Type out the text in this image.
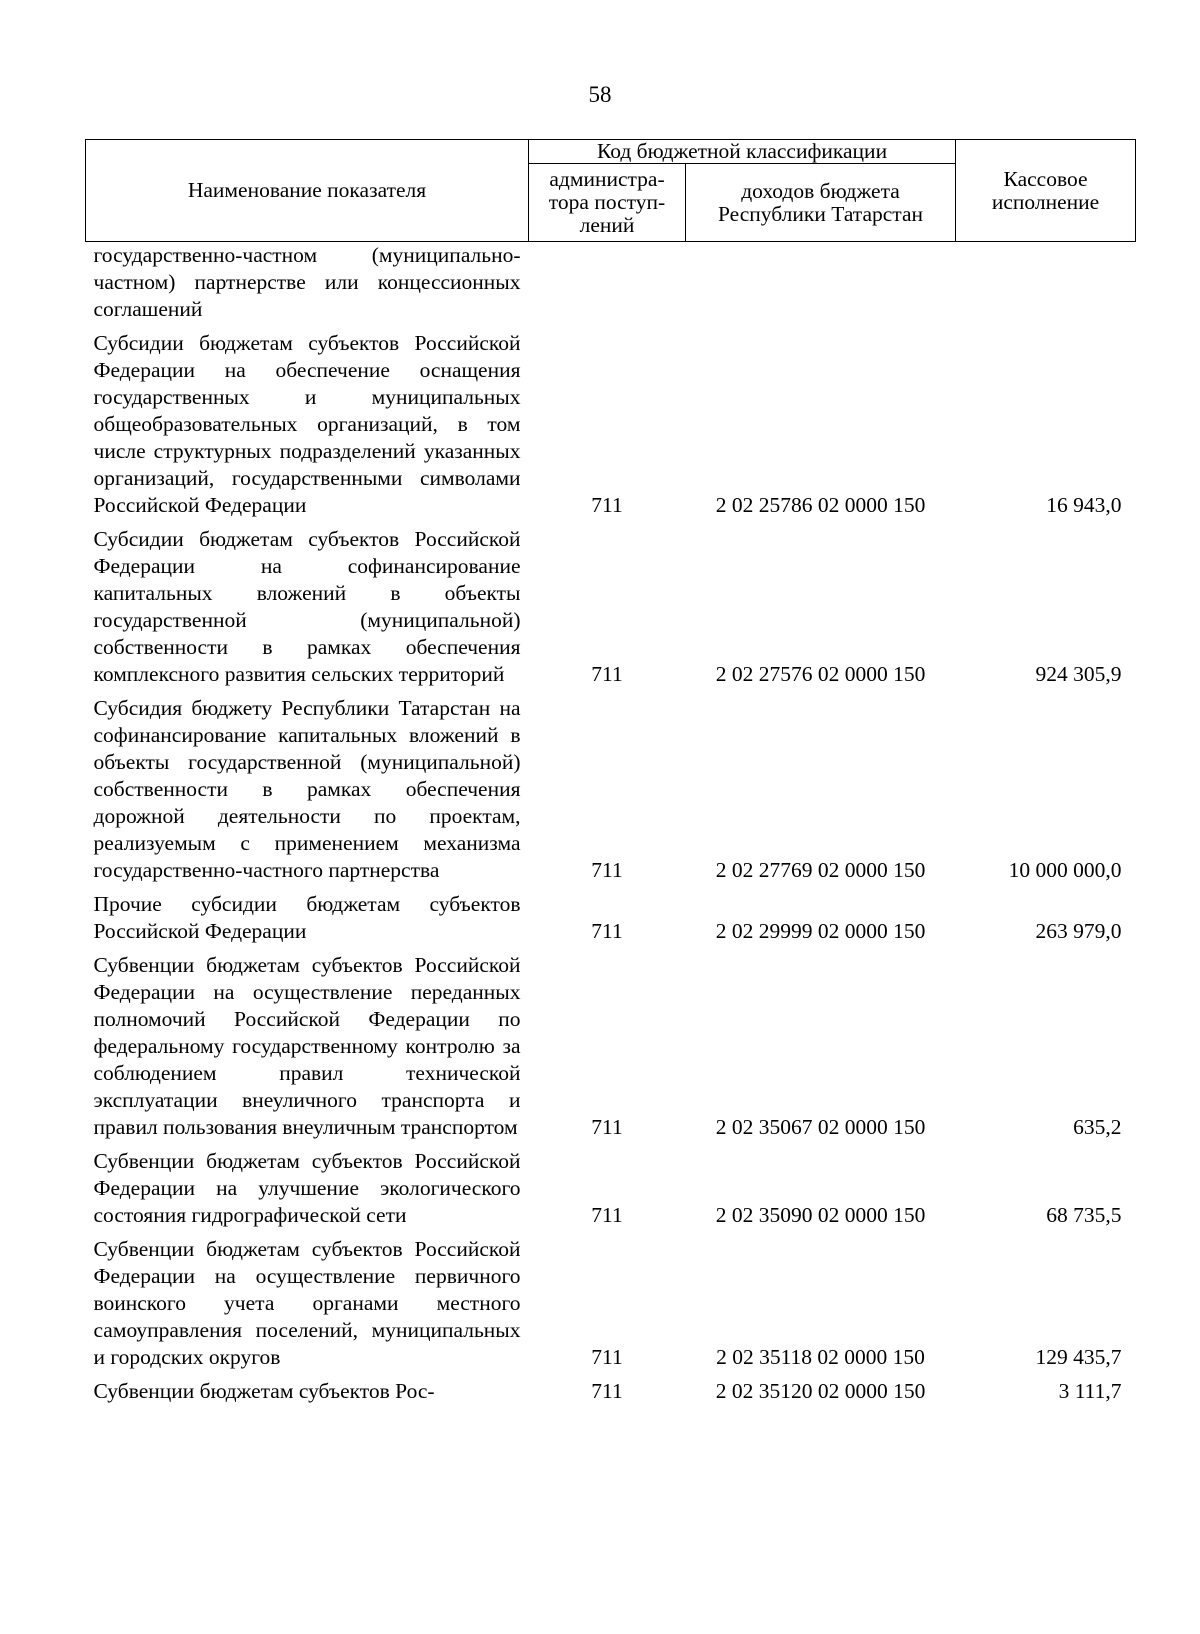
58
Наименование показателя	Код бюджетной классификации		Кассовое исполнение
	администра-тора поступ-лений	доходов бюджета Республики Татарстан	
государственно-частном (муниципально-частном) партнерстве или концессионных соглашений			
Субсидии бюджетам субъектов Российской Федерации на обеспечение оснащения государственных и муниципальных общеобразовательных организаций, в том числе структурных подразделений указанных организаций, государственными символами Российской Федерации	711	2 02 25786 02 0000 150	16 943,0
Субсидии бюджетам субъектов Российской Федерации на софинансирование капитальных вложений в объекты государственной (муниципальной) собственности в рамках обеспечения комплексного развития сельских территорий	711	2 02 27576 02 0000 150	924 305,9
Субсидия бюджету Республики Татарстан на софинансирование капитальных вложений в объекты государственной (муниципальной) собственности в рамках обеспечения дорожной деятельности по проектам, реализуемым с применением механизма государственно-частного партнерства	711	2 02 27769 02 0000 150	10 000 000,0
Прочие субсидии бюджетам субъектов Российской Федерации	711	2 02 29999 02 0000 150	263 979,0
Субвенции бюджетам субъектов Российской Федерации на осуществление переданных полномочий Российской Федерации по федеральному государственному контролю за соблюдением правил технической эксплуатации внеуличного транспорта и правил пользования внеуличным транспортом	711	2 02 35067 02 0000 150	635,2
Субвенции бюджетам субъектов Российской Федерации на улучшение экологического состояния гидрографической сети	711	2 02 35090 02 0000 150	68 735,5
Субвенции бюджетам субъектов Российской Федерации на осуществление первичного воинского учета органами местного самоуправления поселений, муниципальных и городских округов	711	2 02 35118 02 0000 150	129 435,7
Субвенции бюджетам субъектов Рос-	711	2 02 35120 02 0000 150	3 111,7
